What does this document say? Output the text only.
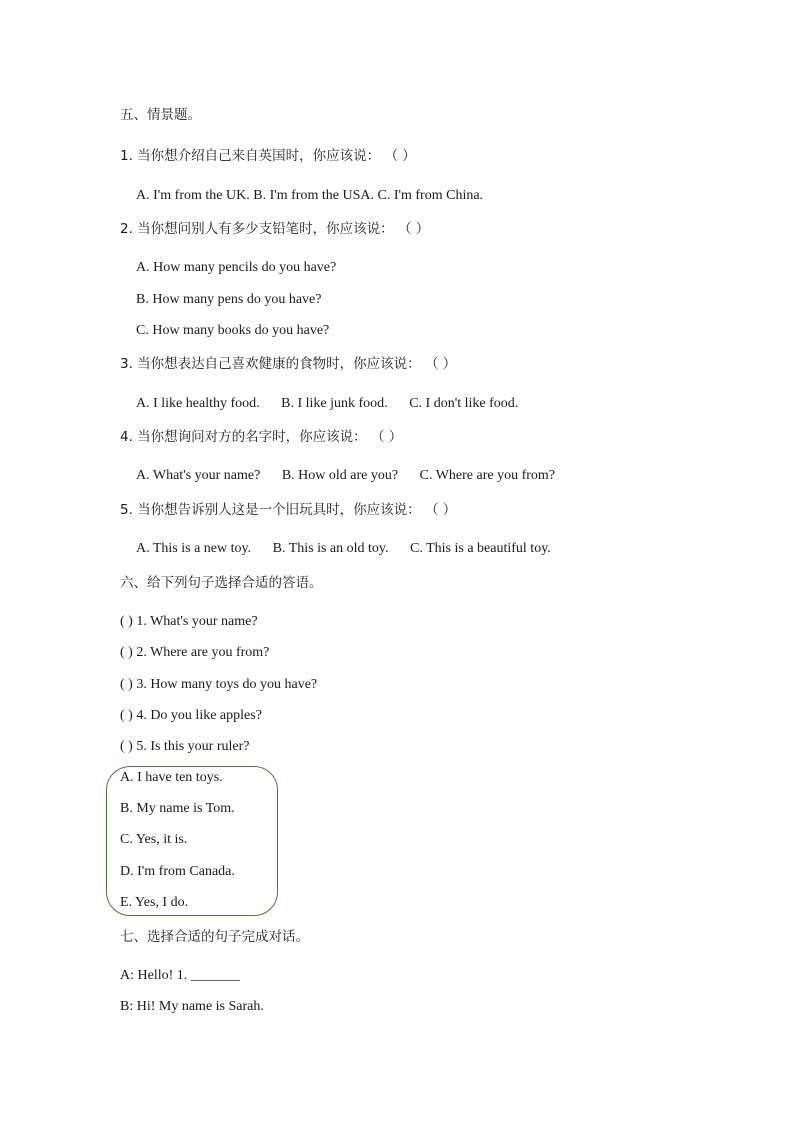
五、情景题。
1. 当你想介绍自己来自英国时，你应该说： （ ）
A. I'm from the UK. B. I'm from the USA. C. I'm from China.
2. 当你想问别人有多少支铅笔时，你应该说： （ ）
A. How many pencils do you have?
B. How many pens do you have?
C. How many books do you have?
3. 当你想表达自己喜欢健康的食物时，你应该说： （ ）
A. I like healthy food. B. I like junk food. C. I don't like food.
4. 当你想询问对方的名字时，你应该说： （ ）
A. What's your name? B. How old are you? C. Where are you from?
5. 当你想告诉别人这是一个旧玩具时，你应该说： （ ）
A. This is a new toy. B. This is an old toy. C. This is a beautiful toy.
六、给下列句子选择合适的答语。
( ) 1. What's your name?
( ) 2. Where are you from?
( ) 3. How many toys do you have?
( ) 4. Do you like apples?
( ) 5. Is this your ruler?
A. I have ten toys.
B. My name is Tom.
C. Yes, it is.
D. I'm from Canada.
E. Yes, I do.
七、选择合适的句子完成对话。
A: Hello! 1. _______
B: Hi! My name is Sarah.
